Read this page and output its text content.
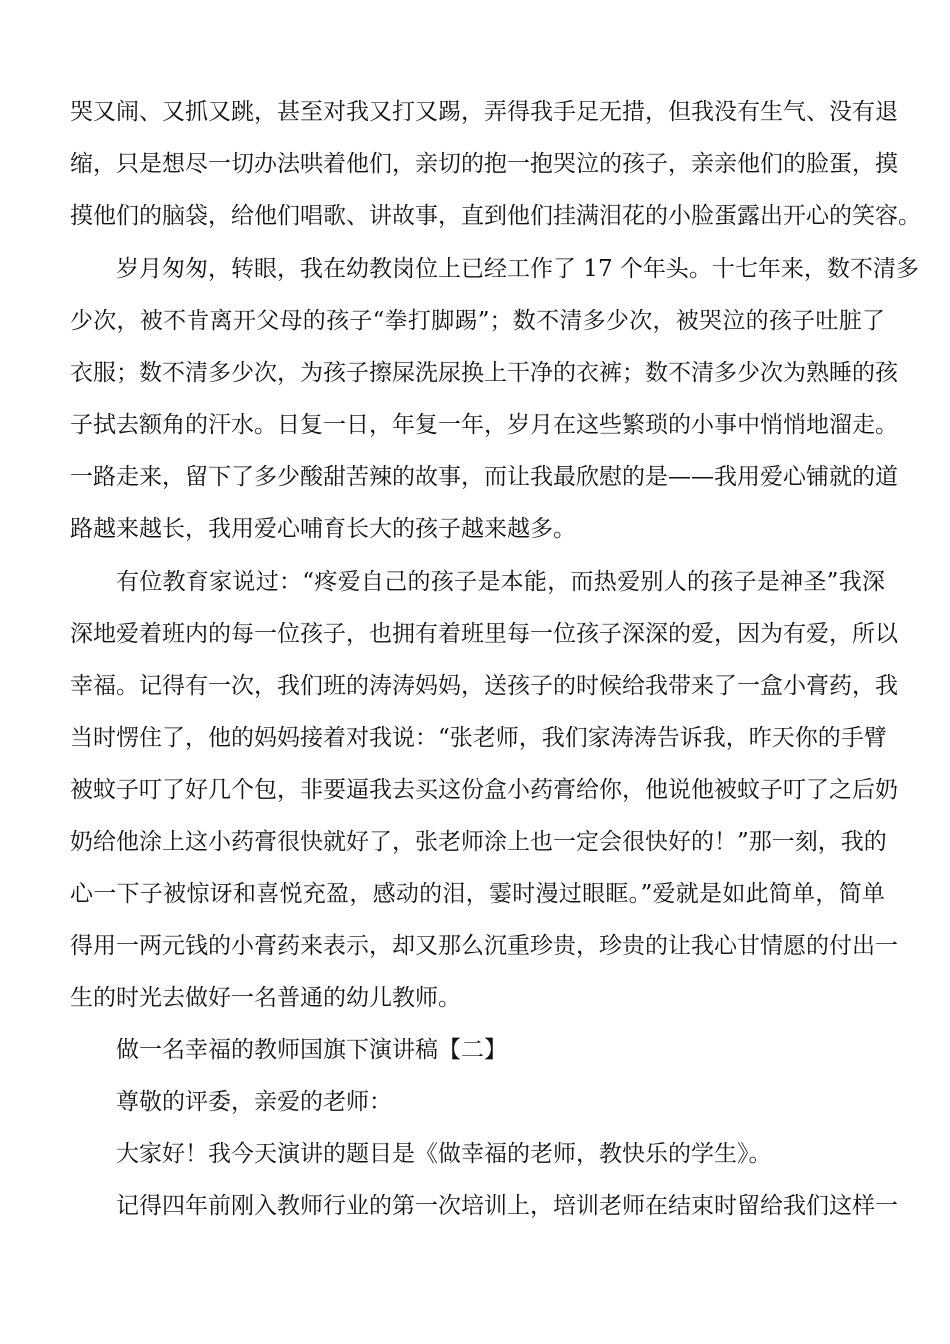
哭又闹、又抓又跳，甚至对我又打又踢，弄得我手足无措，但我没有生气、没有退
缩，只是想尽一切办法哄着他们，亲切的抱一抱哭泣的孩子，亲亲他们的脸蛋，摸
摸他们的脑袋，给他们唱歌、讲故事，直到他们挂满泪花的小脸蛋露出开心的笑容。
岁月匆匆，转眼，我在幼教岗位上已经工作了 17 个年头。十七年来，数不清多
少次，被不肯离开父母的孩子“拳打脚踢”；数不清多少次，被哭泣的孩子吐脏了
衣服；数不清多少次，为孩子擦屎洗尿换上干净的衣裤；数不清多少次为熟睡的孩
子拭去额角的汗水。日复一日，年复一年，岁月在这些繁琐的小事中悄悄地溜走。
一路走来，留下了多少酸甜苦辣的故事，而让我最欣慰的是——我用爱心铺就的道
路越来越长，我用爱心哺育长大的孩子越来越多。
有位教育家说过：“疼爱自己的孩子是本能，而热爱别人的孩子是神圣”我深
深地爱着班内的每一位孩子，也拥有着班里每一位孩子深深的爱，因为有爱，所以
幸福。记得有一次，我们班的涛涛妈妈，送孩子的时候给我带来了一盒小膏药，我
当时愣住了，他的妈妈接着对我说：“张老师，我们家涛涛告诉我，昨天你的手臂
被蚊子叮了好几个包，非要逼我去买这份盒小药膏给你，他说他被蚊子叮了之后奶
奶给他涂上这小药膏很快就好了，张老师涂上也一定会很快好的！”那一刻，我的
心一下子被惊讶和喜悦充盈，感动的泪，霎时漫过眼眶。”爱就是如此简单，简单
得用一两元钱的小膏药来表示，却又那么沉重珍贵，珍贵的让我心甘情愿的付出一
生的时光去做好一名普通的幼儿教师。
做一名幸福的教师国旗下演讲稿【二】
尊敬的评委，亲爱的老师：
大家好！我今天演讲的题目是《做幸福的老师，教快乐的学生》。
记得四年前刚入教师行业的第一次培训上，培训老师在结束时留给我们这样一
